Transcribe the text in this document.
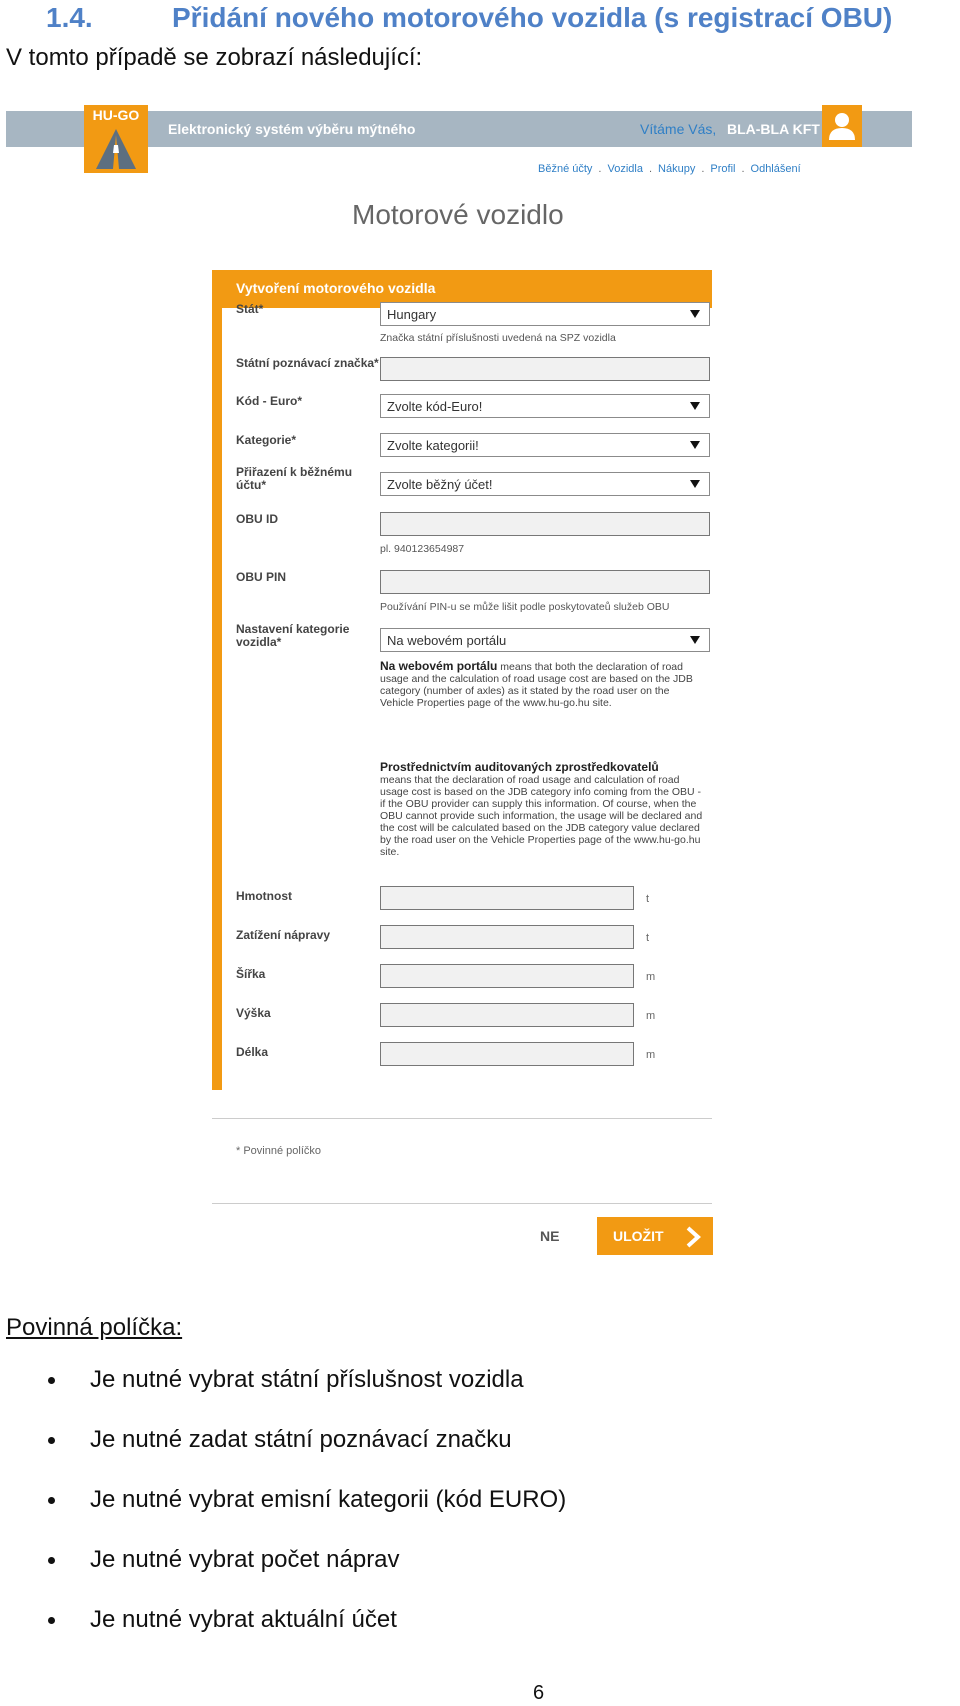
1.4.	Přidání nového motorového vozidla (s registrací OBU)
V tomto případě se zobrazí následující:
HU-GO
Elektronický systém výběru mýtného	Vítáme Vás, BLA-BLA KFT
Běžné účty . Vozidla . Nákupy . Profil . Odhlášení
Motorové vozidlo
Vytvoření motorového vozidla
Stát*	Hungary
Značka státní příslušnosti uvedená na SPZ vozidla
Státní poznávací značka*
Kód - Euro*	Zvolte kód-Euro!
Kategorie*	Zvolte kategorii!
Přiřazení k běžnému účtu*	Zvolte běžný účet!
OBU ID
pl. 940123654987
OBU PIN
Používání PIN-u se může lišit podle poskytovateů služeb OBU
Nastavení kategorie vozidla*	Na webovém portálu
Na webovém portálu means that both the declaration of road usage and the calculation of road usage cost are based on the JDB category (number of axles) as it stated by the road user on the Vehicle Properties page of the www.hu-go.hu site.
Prostřednictvím auditovaných zprostředkovatelů
means that the declaration of road usage and calculation of road usage cost is based on the JDB category info coming from the OBU - if the OBU provider can supply this information. Of course, when the OBU cannot provide such information, the usage will be declared and the cost will be calculated based on the JDB category value declared by the road user on the Vehicle Properties page of the www.hu-go.hu site.
Hmotnost	t
Zatížení nápravy	t
Šířka	m
Výška	m
Délka	m
* Povinné políčko
NE	ULOŽIT
Povinná políčka:
Je nutné vybrat státní příslušnost vozidla
Je nutné zadat státní poznávací značku
Je nutné vybrat emisní kategorii (kód EURO)
Je nutné vybrat počet náprav
Je nutné vybrat aktuální účet
6
